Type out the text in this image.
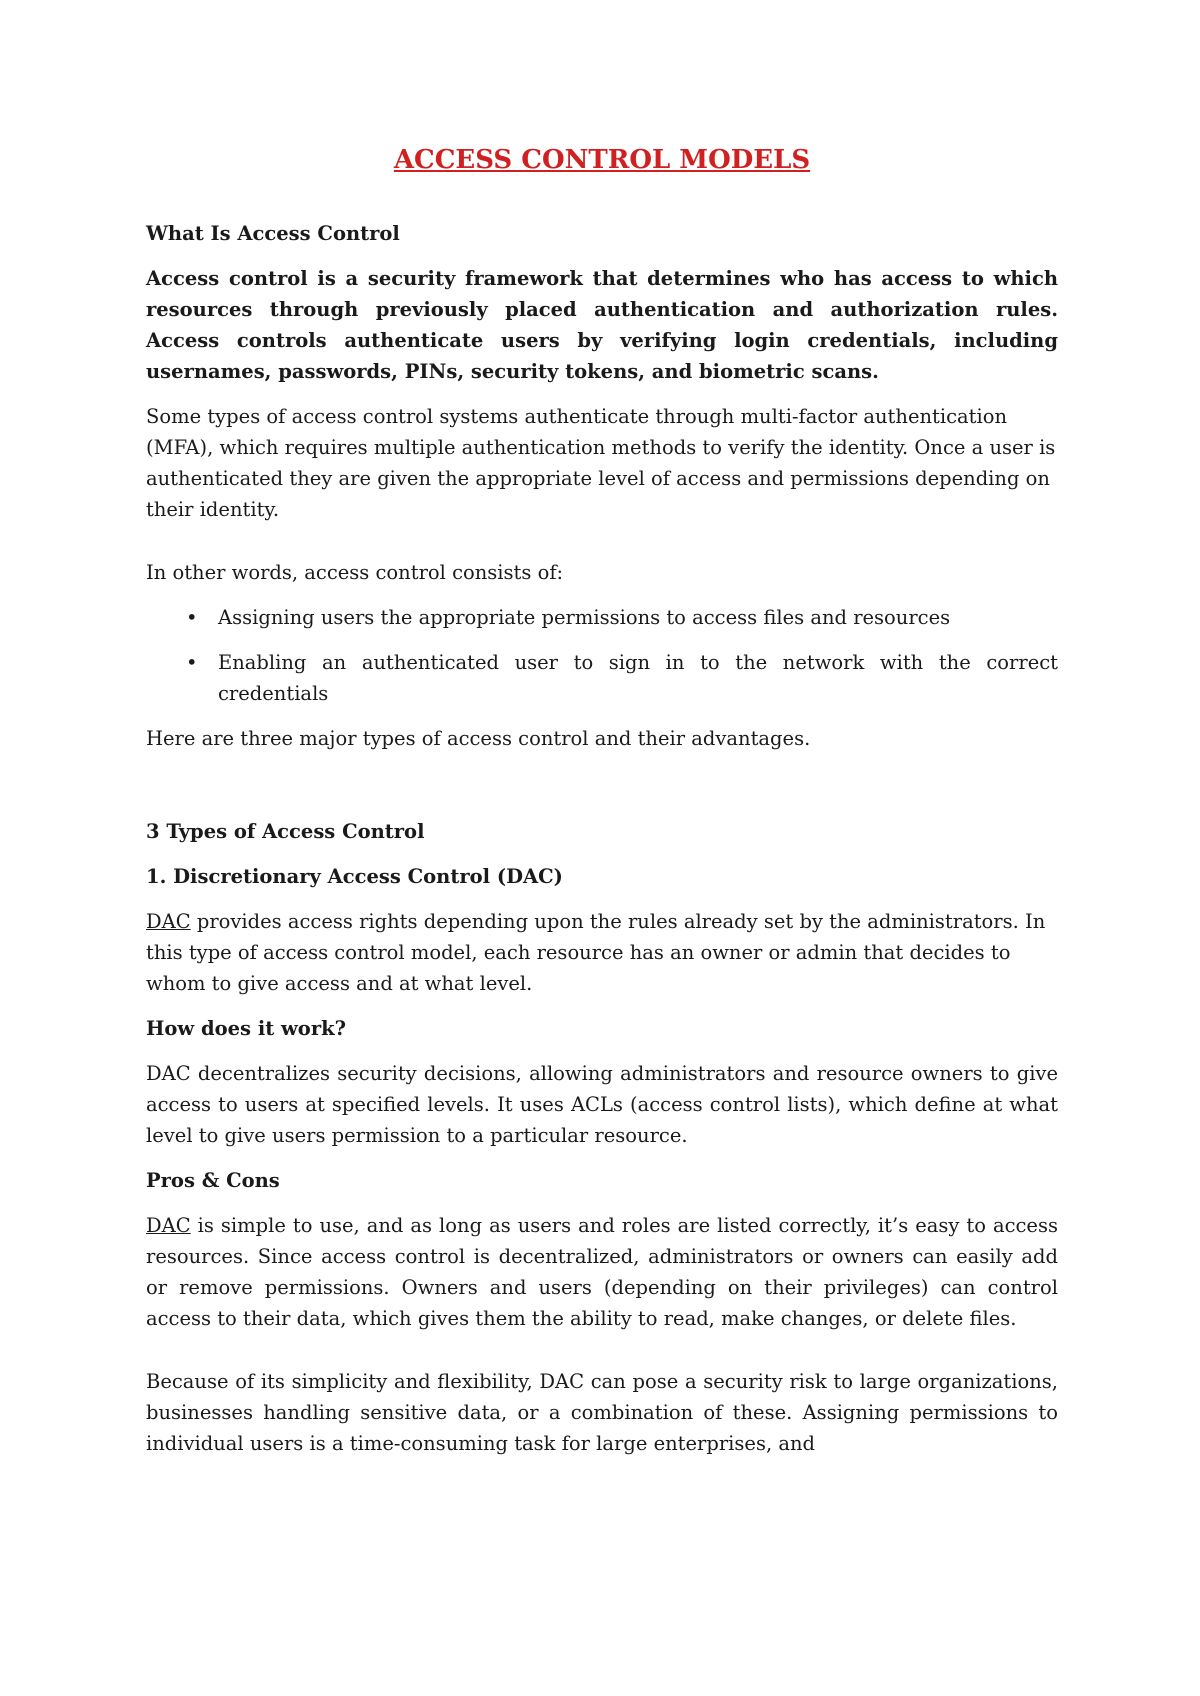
ACCESS CONTROL MODELS
What Is Access Control

Access control is a security framework that determines who has access to which resources through previously placed authentication and authorization rules. Access controls authenticate users by verifying login credentials, including usernames, passwords, PINs, security tokens, and biometric scans.

Some types of access control systems authenticate through multi-factor authentication (MFA), which requires multiple authentication methods to verify the identity. Once a user is authenticated they are given the appropriate level of access and permissions depending on their identity.

In other words, access control consists of:

• Assigning users the appropriate permissions to access files and resources
• Enabling an authenticated user to sign in to the network with the correct credentials

Here are three major types of access control and their advantages.

3 Types of Access Control
1. Discretionary Access Control (DAC)

DAC provides access rights depending upon the rules already set by the administrators. In this type of access control model, each resource has an owner or admin that decides to whom to give access and at what level.

How does it work?

DAC decentralizes security decisions, allowing administrators and resource owners to give access to users at specified levels. It uses ACLs (access control lists), which define at what level to give users permission to a particular resource.

Pros & Cons

DAC is simple to use, and as long as users and roles are listed correctly, it’s easy to access resources. Since access control is decentralized, administrators or owners can easily add or remove permissions. Owners and users (depending on their privileges) can control access to their data, which gives them the ability to read, make changes, or delete files.

Because of its simplicity and flexibility, DAC can pose a security risk to large organizations, businesses handling sensitive data, or a combination of these. Assigning permissions to individual users is a time-consuming task for large enterprises, and
